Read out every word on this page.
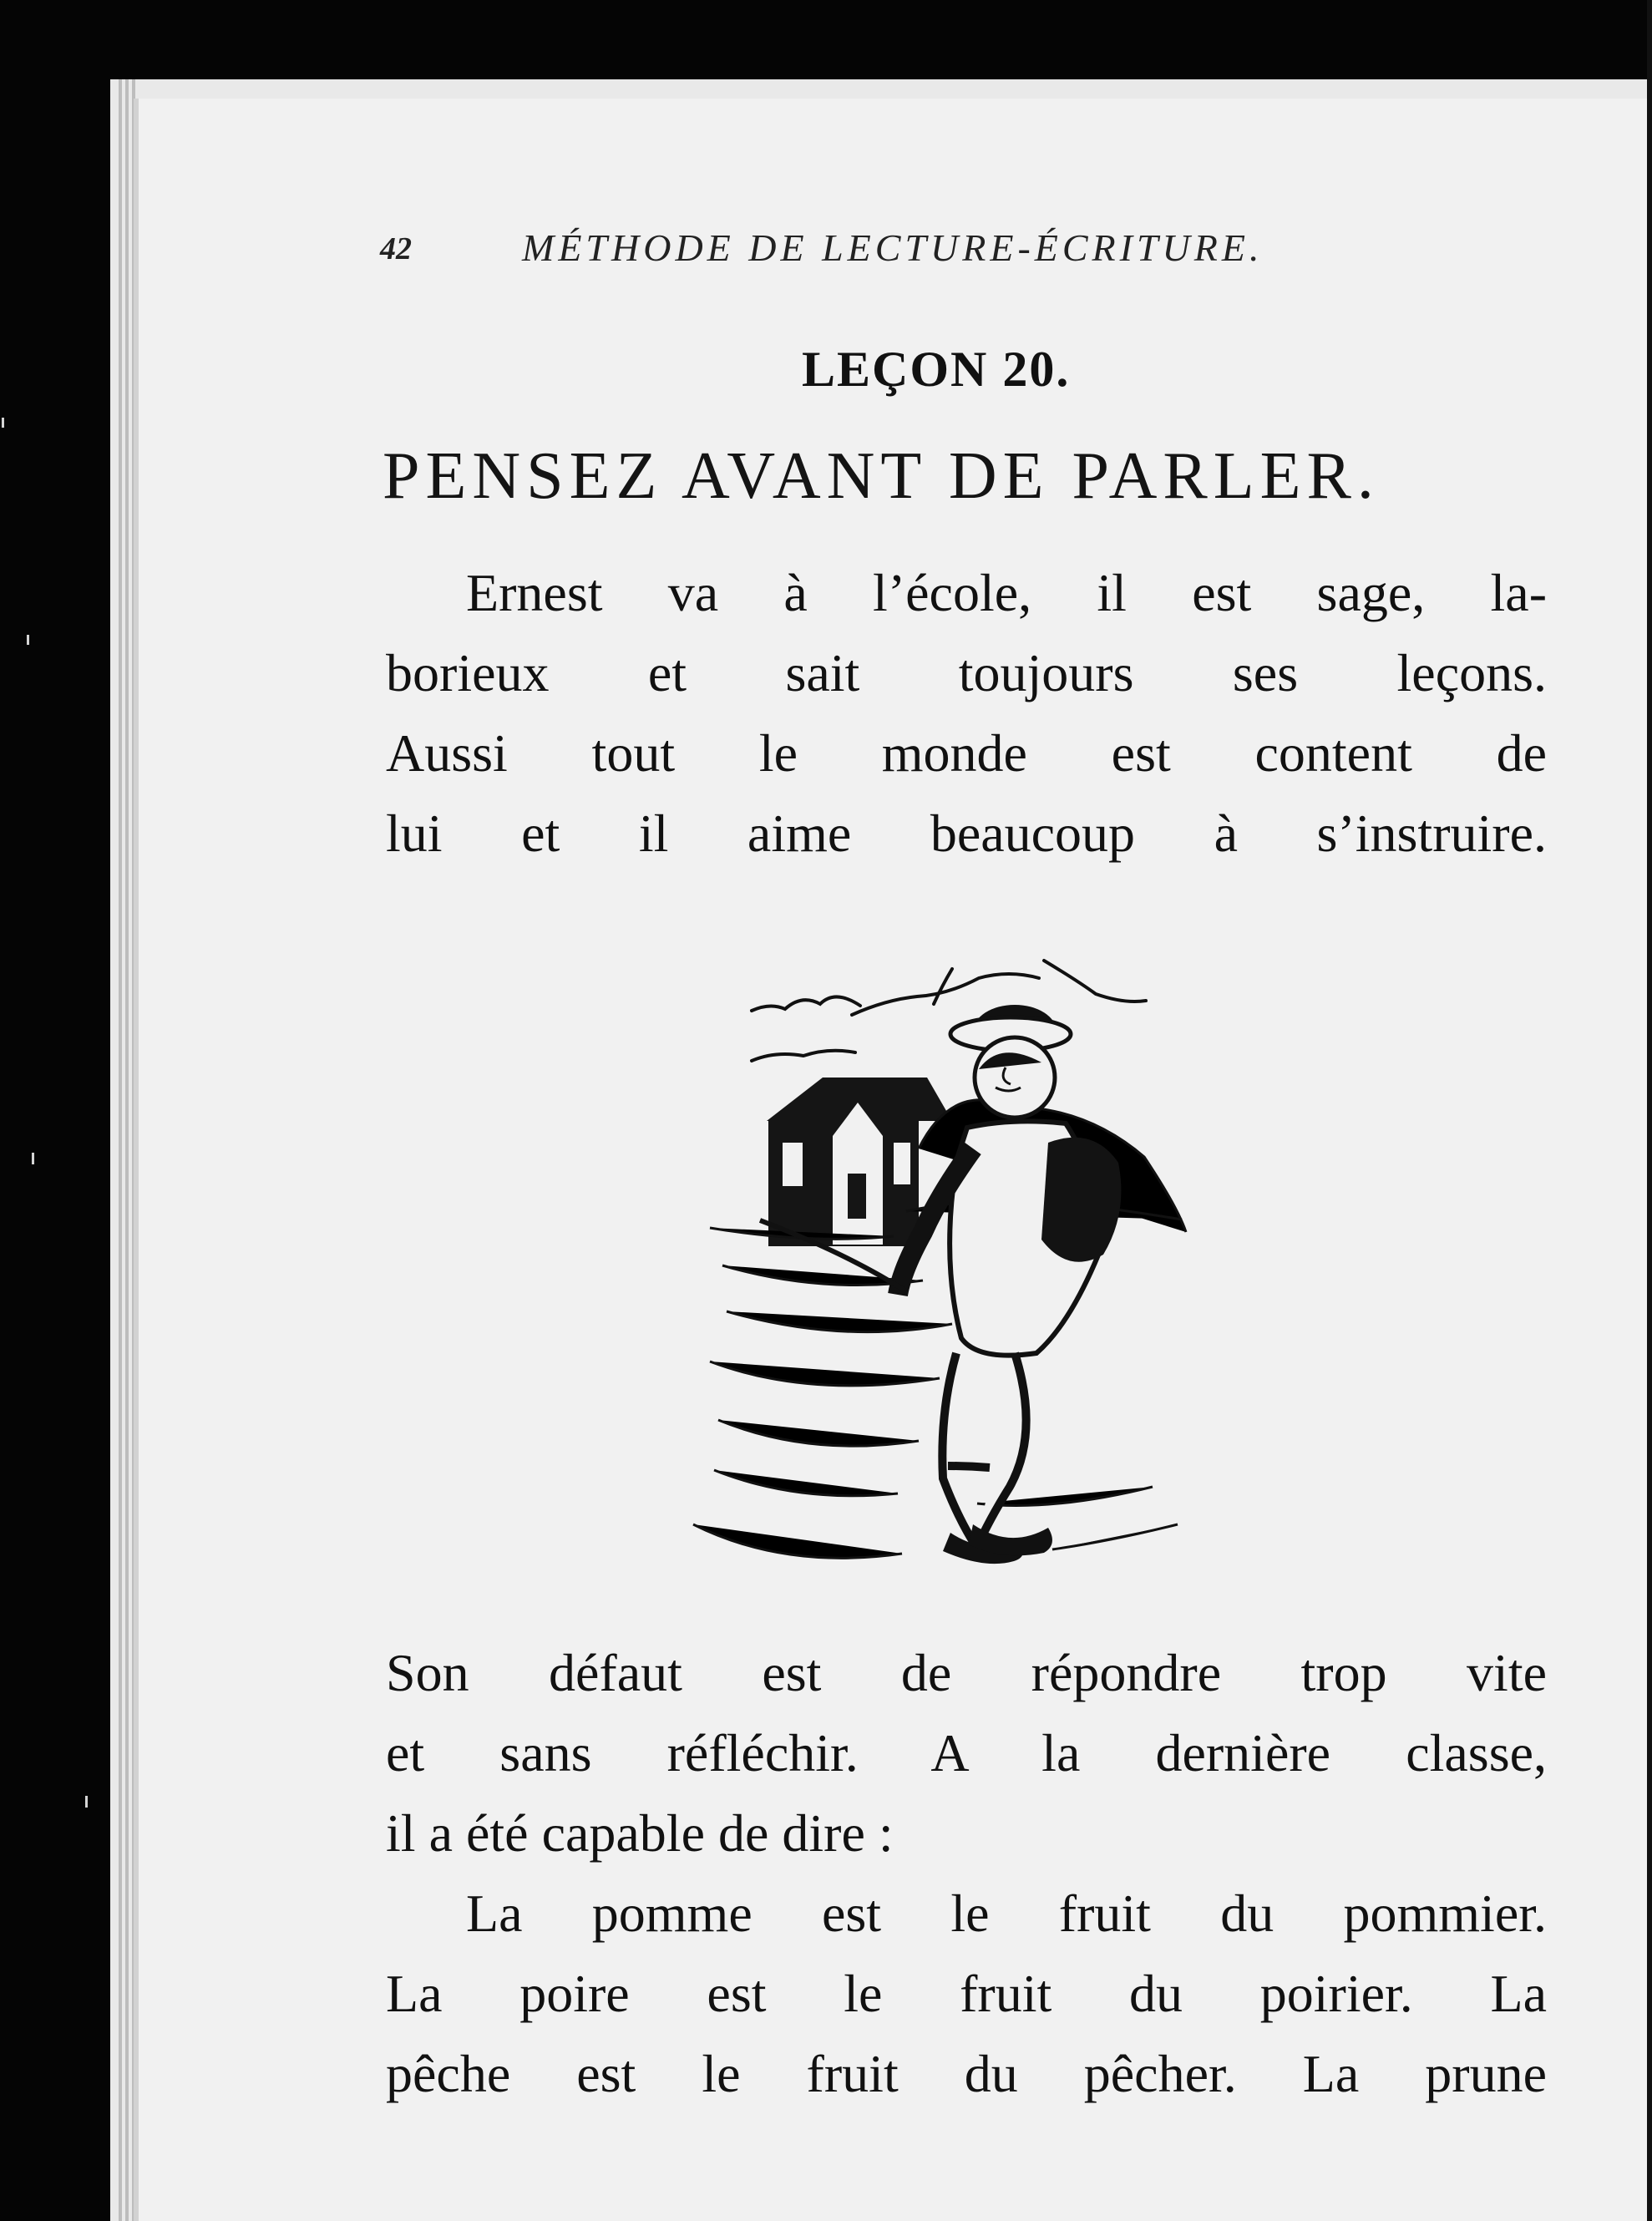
42	MÉTHODE DE LECTURE-ÉCRITURE.
LEÇON 20.
PENSEZ AVANT DE PARLER.
Ernest va à l’école, il est sage, la-
borieux et sait toujours ses leçons.
Aussi tout le monde est content de
lui et il aime beaucoup à s’instruire.
Son défaut est de répondre trop vite
et sans réfléchir. A la dernière classe,
il a été capable de dire :
La pomme est le fruit du pommier.
La poire est le fruit du poirier. La
pêche est le fruit du pêcher. La prune
